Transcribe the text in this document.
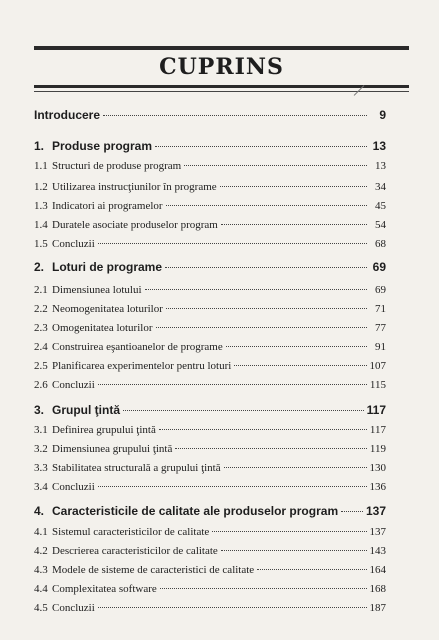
CUPRINS
Introducere	9
1. Produse program	13
1.1 Structuri de produse program	13
1.2 Utilizarea instrucţiunilor în programe	34
1.3 Indicatori ai programelor	45
1.4 Duratele asociate produselor program	54
1.5 Concluzii	68
2. Loturi de programe	69
2.1 Dimensiunea lotului	69
2.2 Neomogenitatea loturilor	71
2.3 Omogenitatea loturilor	77
2.4 Construirea eşantioanelor de programe	91
2.5 Planificarea experimentelor pentru loturi	107
2.6 Concluzii	115
3. Grupul ţintă	117
3.1 Definirea grupului ţintă	117
3.2 Dimensiunea grupului ţintă	119
3.3 Stabilitatea structurală a grupului ţintă	130
3.4 Concluzii	136
4. Caracteristicile de calitate ale produselor program 137
4.1 Sistemul caracteristicilor de calitate	137
4.2 Descrierea caracteristicilor de calitate	143
4.3 Modele de sisteme de caracteristici de calitate	164
4.4 Complexitatea software	168
4.5 Concluzii	187
